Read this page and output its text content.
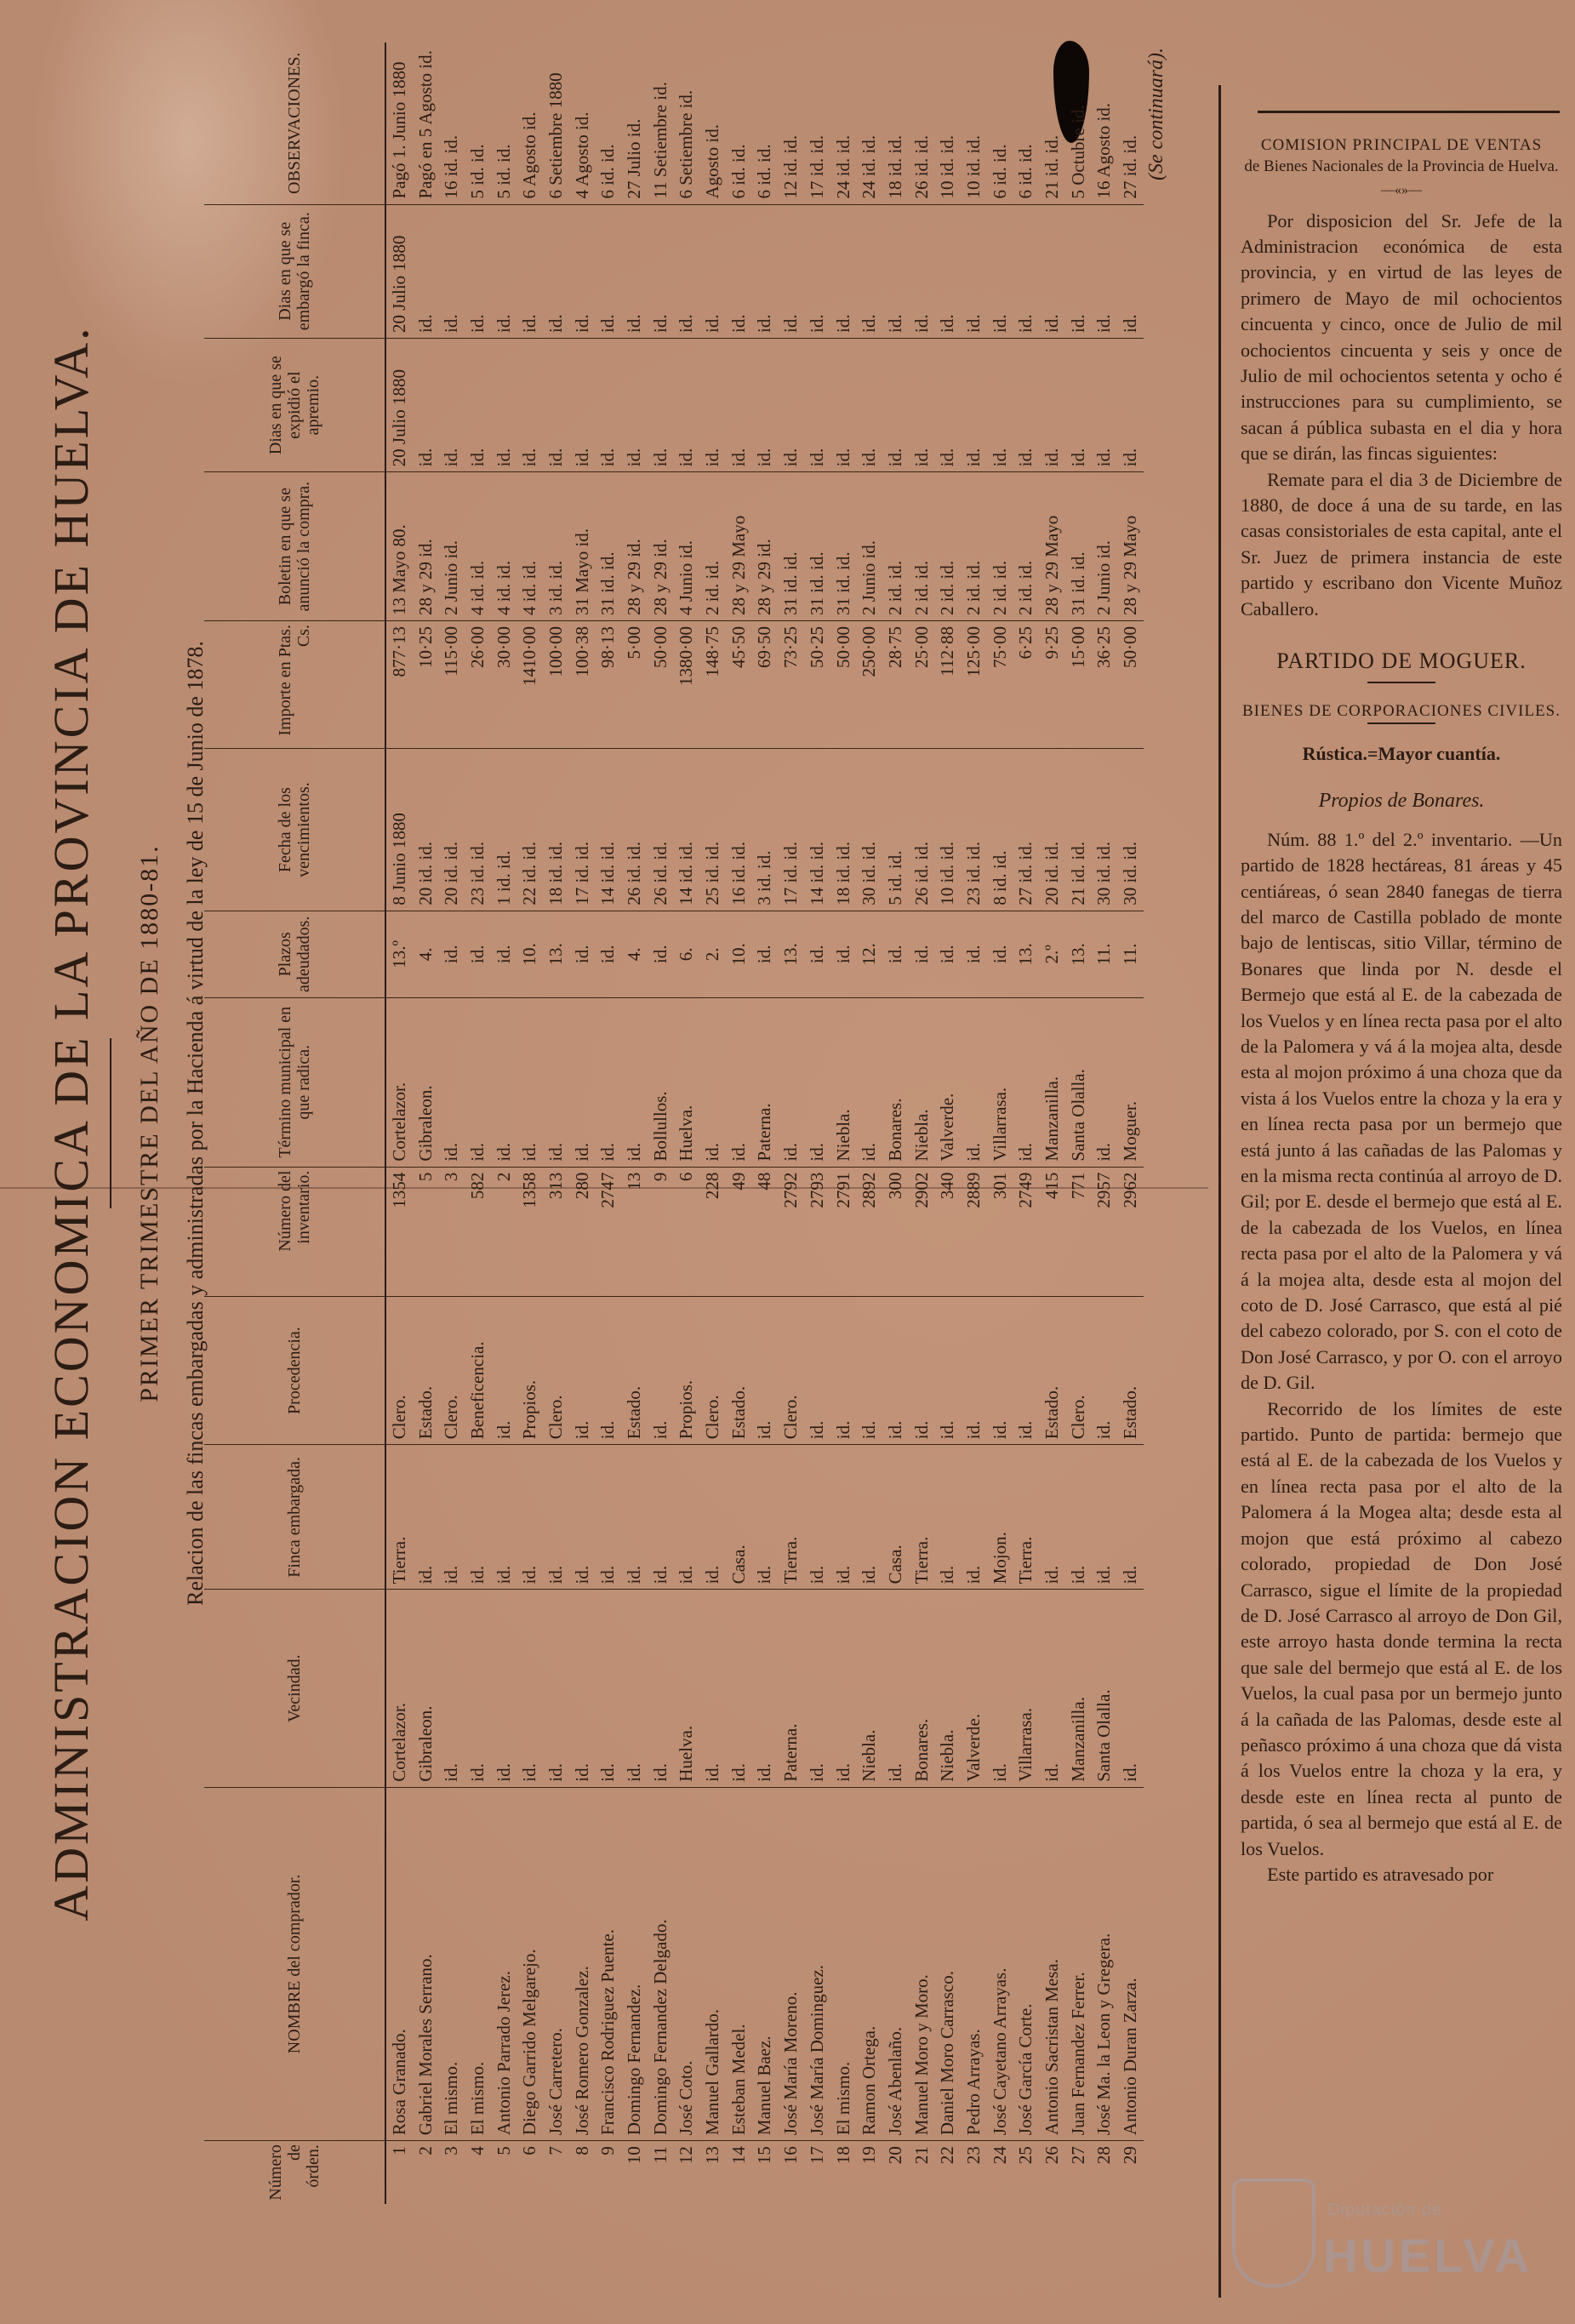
ADMINISTRACION ECONOMICA DE LA PROVINCIA DE HUELVA. PRIMER TRIMESTRE DEL AÑO DE 1880-81. Relacion de las fincas embargadas y administradas por la Hacienda á virtud de la ley de 15 de Junio de 1878.
Número de órden.	NOMBRE del comprador.	Vecindad.	Finca embargada.	Procedencia.	Número del inventario.	Término municipal en que radica.	Plazos adeudados.	Fecha de los vencimientos.	Importe en Ptas. Cs.	Boletin en que se anunció la compra.	Dias en que se expidió el apremio.	Dias en que se embargó la finca.	OBSERVACIONES.
1	Rosa Granado.	Cortelazor.	Tierra.	Clero.	1354	Cortelazor.	13.º	8 Junio 1880	877·13	13 Mayo 80.	20 Julio 1880	20 Julio 1880	Pagó 1. Junio 1880
2	Gabriel Morales Serrano.	Gibraleon.	id.	Estado.	5	Gibraleon.	4.	20 id. id.	10·25	28 y 29 id.	id.	id.	Pagó en 5 Agosto id.
3	El mismo.	id.	id.	Clero.	3	id.	id.	20 id. id.	115·00	2 Junio id.	id.	id.	16 id. id.
4	El mismo.	id.	id.	Beneficencia.	582	id.	id.	23 id. id.	26·00	4 id. id.	id.	id.	5 id. id.
5	Antonio Parrado Jerez.	id.	id.	id.	2	id.	id.	1 id. id.	30·00	4 id. id.	id.	id.	5 id. id.
6	Diego Garrido Melgarejo.	id.	id.	Propios.	1358	id.	10.	22 id. id.	1410·00	4 id. id.	id.	id.	6 Agosto id.
7	José Carretero.	id.	id.	Clero.	313	id.	13.	18 id. id.	100·00	3 id. id.	id.	id.	6 Setiembre 1880
8	José Romero Gonzalez.	id.	id.	id.	280	id.	id.	17 id. id.	100·38	31 Mayo id.	id.	id.	4 Agosto id.
9	Francisco Rodriguez Puente.	id.	id.	id.	2747	id.	id.	14 id. id.	98·13	31 id. id.	id.	id.	6 id. id.
10	Domingo Fernandez.	id.	id.	Estado.	13	id.	4.	26 id. id.	5·00	28 y 29 id.	id.	id.	27 Julio id.
11	Domingo Fernandez Delgado.	id.	id.	id.	9	Bollullos.	id.	26 id. id.	50·00	28 y 29 id.	id.	id.	11 Setiembre id.
12	José Coto.	Huelva.	id.	Propios.	6	Huelva.	6.	14 id. id.	1380·00	4 Junio id.	id.	id.	6 Setiembre id.
13	Manuel Gallardo.	id.	id.	Clero.	228	id.	2.	25 id. id.	148·75	2 id. id.	id.	id.	Agosto id.
14	Esteban Medel.	id.	Casa.	Estado.	49	id.	10.	16 id. id.	45·50	28 y 29 Mayo	id.	id.	6 id. id.
15	Manuel Baez.	id.	id.	id.	48	Paterna.	id.	3 id. id.	69·50	28 y 29 id.	id.	id.	6 id. id.
16	José María Moreno.	Paterna.	Tierra.	Clero.	2792	id.	13.	17 id. id.	73·25	31 id. id.	id.	id.	12 id. id.
17	José María Dominguez.	id.	id.	id.	2793	id.	id.	14 id. id.	50·25	31 id. id.	id.	id.	17 id. id.
18	El mismo.	id.	id.	id.	2791	Niebla.	id.	18 id. id.	50·00	31 id. id.	id.	id.	24 id. id.
19	Ramon Ortega.	Niebla.	id.	id.	2892	id.	12.	30 id. id.	250·00	2 Junio id.	id.	id.	24 id. id.
20	José Abenlaño.	id.	Casa.	id.	300	Bonares.	id.	5 id. id.	28·75	2 id. id.	id.	id.	18 id. id.
21	Manuel Moro y Moro.	Bonares.	Tierra.	id.	2902	Niebla.	id.	26 id. id.	25·00	2 id. id.	id.	id.	26 id. id.
22	Daniel Moro Carrasco.	Niebla.	id.	id.	340	Valverde.	id.	10 id. id.	112·88	2 id. id.	id.	id.	10 id. id.
23	Pedro Arrayas.	Valverde.	id.	id.	2889	id.	id.	23 id. id.	125·00	2 id. id.	id.	id.	10 id. id.
24	José Cayetano Arrayas.	id.	Mojon.	id.	301	Villarrasa.	id.	8 id. id.	75·00	2 id. id.	id.	id.	6 id. id.
25	José García Corte.	Villarrasa.	Tierra.	id.	2749	id.	13.	27 id. id.	6·25	2 id. id.	id.	id.	6 id. id.
26	Antonio Sacristan Mesa.	id.	id.	Estado.	415	Manzanilla.	2.º	20 id. id.	9·25	28 y 29 Mayo	id.	id.	21 id. id.
27	Juan Fernandez Ferrer.	Manzanilla.	id.	Clero.	771	Santa Olalla.	13.	21 id. id.	15·00	31 id. id.	id.	id.	5 Octubre id.
28	José Ma. la Leon y Gregera.	Santa Olalla.	id.	id.	2957	id.	11.	30 id. id.	36·25	2 Junio id.	id.	id.	16 Agosto id.
29	Antonio Duran Zarza.	id.	id.	Estado.	2962	Moguer.	11.	30 id. id.	50·00	28 y 29 Mayo	id.	id.	27 id. id.
(Se continuará).														COMISION PRINCIPAL DE VENTAS
de Bienes Nacionales de la Provincia de Huelva.
—«»—

Por disposicion del Sr. Jefe de la Administracion económica de esta provincia, y en virtud de las leyes de primero de Mayo de mil ochocientos cincuenta y cinco, once de Julio de mil ochocientos cincuenta y seis y once de Julio de mil ochocientos setenta y ocho é instrucciones para su cumplimiento, se sacan á pública subasta en el dia y hora que se dirán, las fincas siguientes:

Remate para el dia 3 de Diciembre de 1880, de doce á una de su tarde, en las casas consistoriales de esta capital, ante el Sr. Juez de primera instancia de este partido y escribano don Vicente Muñoz Caballero.

PARTIDO DE MOGUER.
BIENES DE CORPORACIONES CIVILES.
Rústica.=Mayor cuantía.
Propios de Bonares.

Núm. 88 1.º del 2.º inventario. —Un partido de 1828 hectáreas, 81 áreas y 45 centiáreas, ó sean 2840 fanegas de tierra del marco de Castilla poblado de monte bajo de lentiscas, sitio Villar, término de Bonares que linda por N. desde el Bermejo que está al E. de la cabezada de los Vuelos y en línea recta pasa por el alto de la Palomera y vá á la mojea alta, desde esta al mojon próximo á una choza que da vista á los Vuelos entre la choza y la era y en línea recta pasa por un bermejo que está junto á las cañadas de las Palomas y en la misma recta continúa al arroyo de D. Gil; por E. desde el bermejo que está al E. de la cabezada de los Vuelos, en línea recta pasa por el alto de la Palomera y vá á la mojea alta, desde esta al mojon del coto de D. José Carrasco, que está al pié del cabezo colorado, por S. con el coto de Don José Carrasco, y por O. con el arroyo de D. Gil.

Recorrido de los límites de este partido. Punto de partida: bermejo que está al E. de la cabezada de los Vuelos y en línea recta pasa por el alto de la Palomera á la Mogea alta; desde esta al mojon que está próximo al cabezo colorado, propiedad de Don José Carrasco, sigue el límite de la propiedad de D. José Carrasco al arroyo de Don Gil, este arroyo hasta donde termina la recta que sale del bermejo que está al E. de los Vuelos, la cual pasa por un bermejo junto á la cañada de las Palomas, desde este al peñasco próximo á una choza que dá vista á los Vuelos entre la choza y la era, y desde este en línea recta al punto de partida, ó sea al bermejo que está al E. de los Vuelos.

Este partido es atravesado por

Diputación de
HUELVA
